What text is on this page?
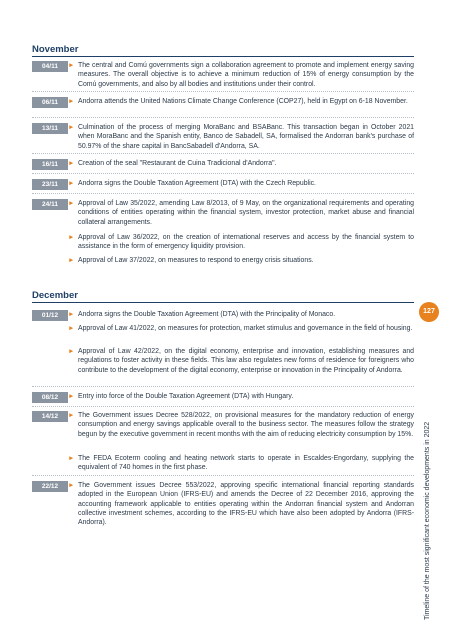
November
04/11	► The central and Comú governments sign a collaboration agreement to promote and implement energy saving measures. The overall objective is to achieve a minimum reduction of 15% of energy consumption by the Comú governments, and also by all bodies and institutions under their control.
06/11	► Andorra attends the United Nations Climate Change Conference (COP27), held in Egypt on 6-18 November.
13/11	► Culmination of the process of merging MoraBanc and BSABanc. This transaction began in October 2021 when MoraBanc and the Spanish entity, Banco de Sabadell, SA, formalised the Andorran bank's purchase of 50.97% of the share capital in BancSabadell d'Andorra, SA.
16/11	► Creation of the seal "Restaurant de Cuina Tradicional d'Andorra".
23/11	► Andorra signs the Double Taxation Agreement (DTA) with the Czech Republic.
24/11	► Approval of Law 35/2022, amending Law 8/2013, of 9 May, on the organizational requirements and operating conditions of entities operating within the financial system, investor protection, market abuse and financial collateral arrangements.
► Approval of Law 36/2022, on the creation of international reserves and access by the financial system to assistance in the form of emergency liquidity provision.
► Approval of Law 37/2022, on measures to respond to energy crisis situations.
December
01/12	► Andorra signs the Double Taxation Agreement (DTA) with the Principality of Monaco.
► Approval of Law 41/2022, on measures for protection, market stimulus and governance in the field of housing.
► Approval of Law 42/2022, on the digital economy, enterprise and innovation, establishing measures and regulations to foster activity in these fields. This law also regulates new forms of residence for foreigners who contribute to the development of the digital economy, enterprise or innovation in the Principality of Andorra.
08/12	► Entry into force of the Double Taxation Agreement (DTA) with Hungary.
14/12	► The Government issues Decree 528/2022, on provisional measures for the mandatory reduction of energy consumption and energy savings applicable overall to the business sector. The measures follow the strategy begun by the executive government in recent months with the aim of reducing electricity consumption by 15%.
► The FEDA Ecoterm cooling and heating network starts to operate in Escaldes-Engordany, supplying the equivalent of 740 homes in the first phase.
22/12	► The Government issues Decree 553/2022, approving specific international financial reporting standards adopted in the European Union (IFRS-EU) and amends the Decree of 22 December 2016, approving the accounting framework applicable to entities operating within the Andorran financial system and Andorran collective investment schemes, according to the IFRS-EU which have also been adopted by Andorra (IFRS-Andorra).
127
Timeline of the most significant economic developments in 2022
